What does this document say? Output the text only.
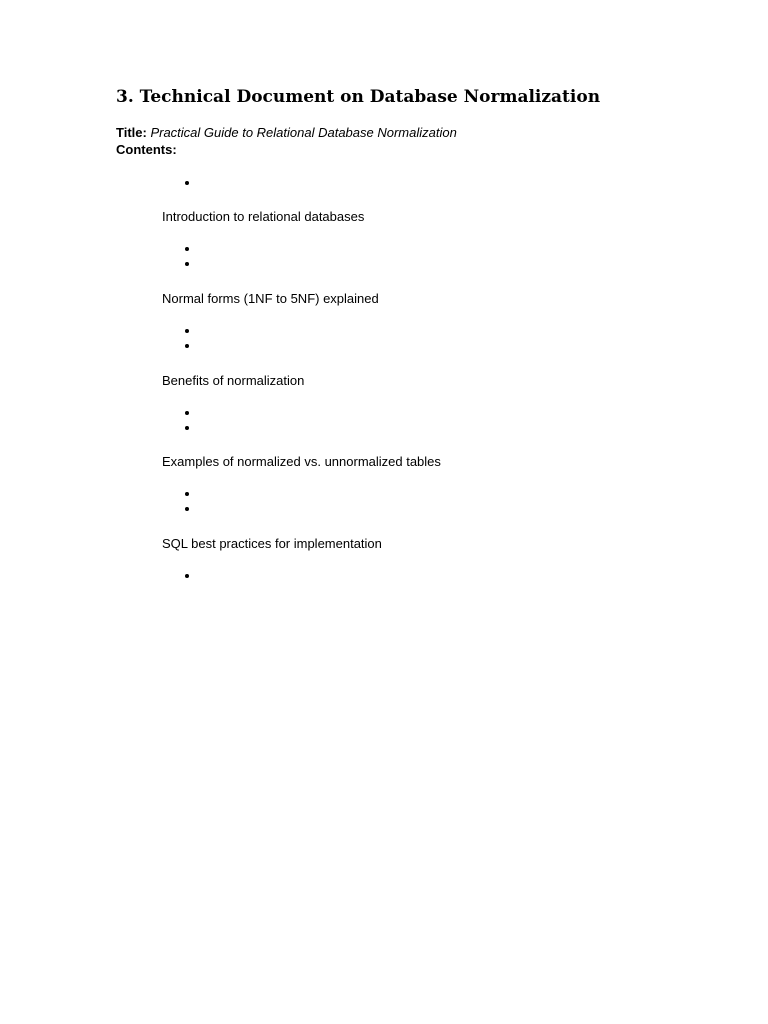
3. Technical Document on Database Normalization
Title: Practical Guide to Relational Database Normalization
Contents:
Introduction to relational databases
Normal forms (1NF to 5NF) explained
Benefits of normalization
Examples of normalized vs. unnormalized tables
SQL best practices for implementation
